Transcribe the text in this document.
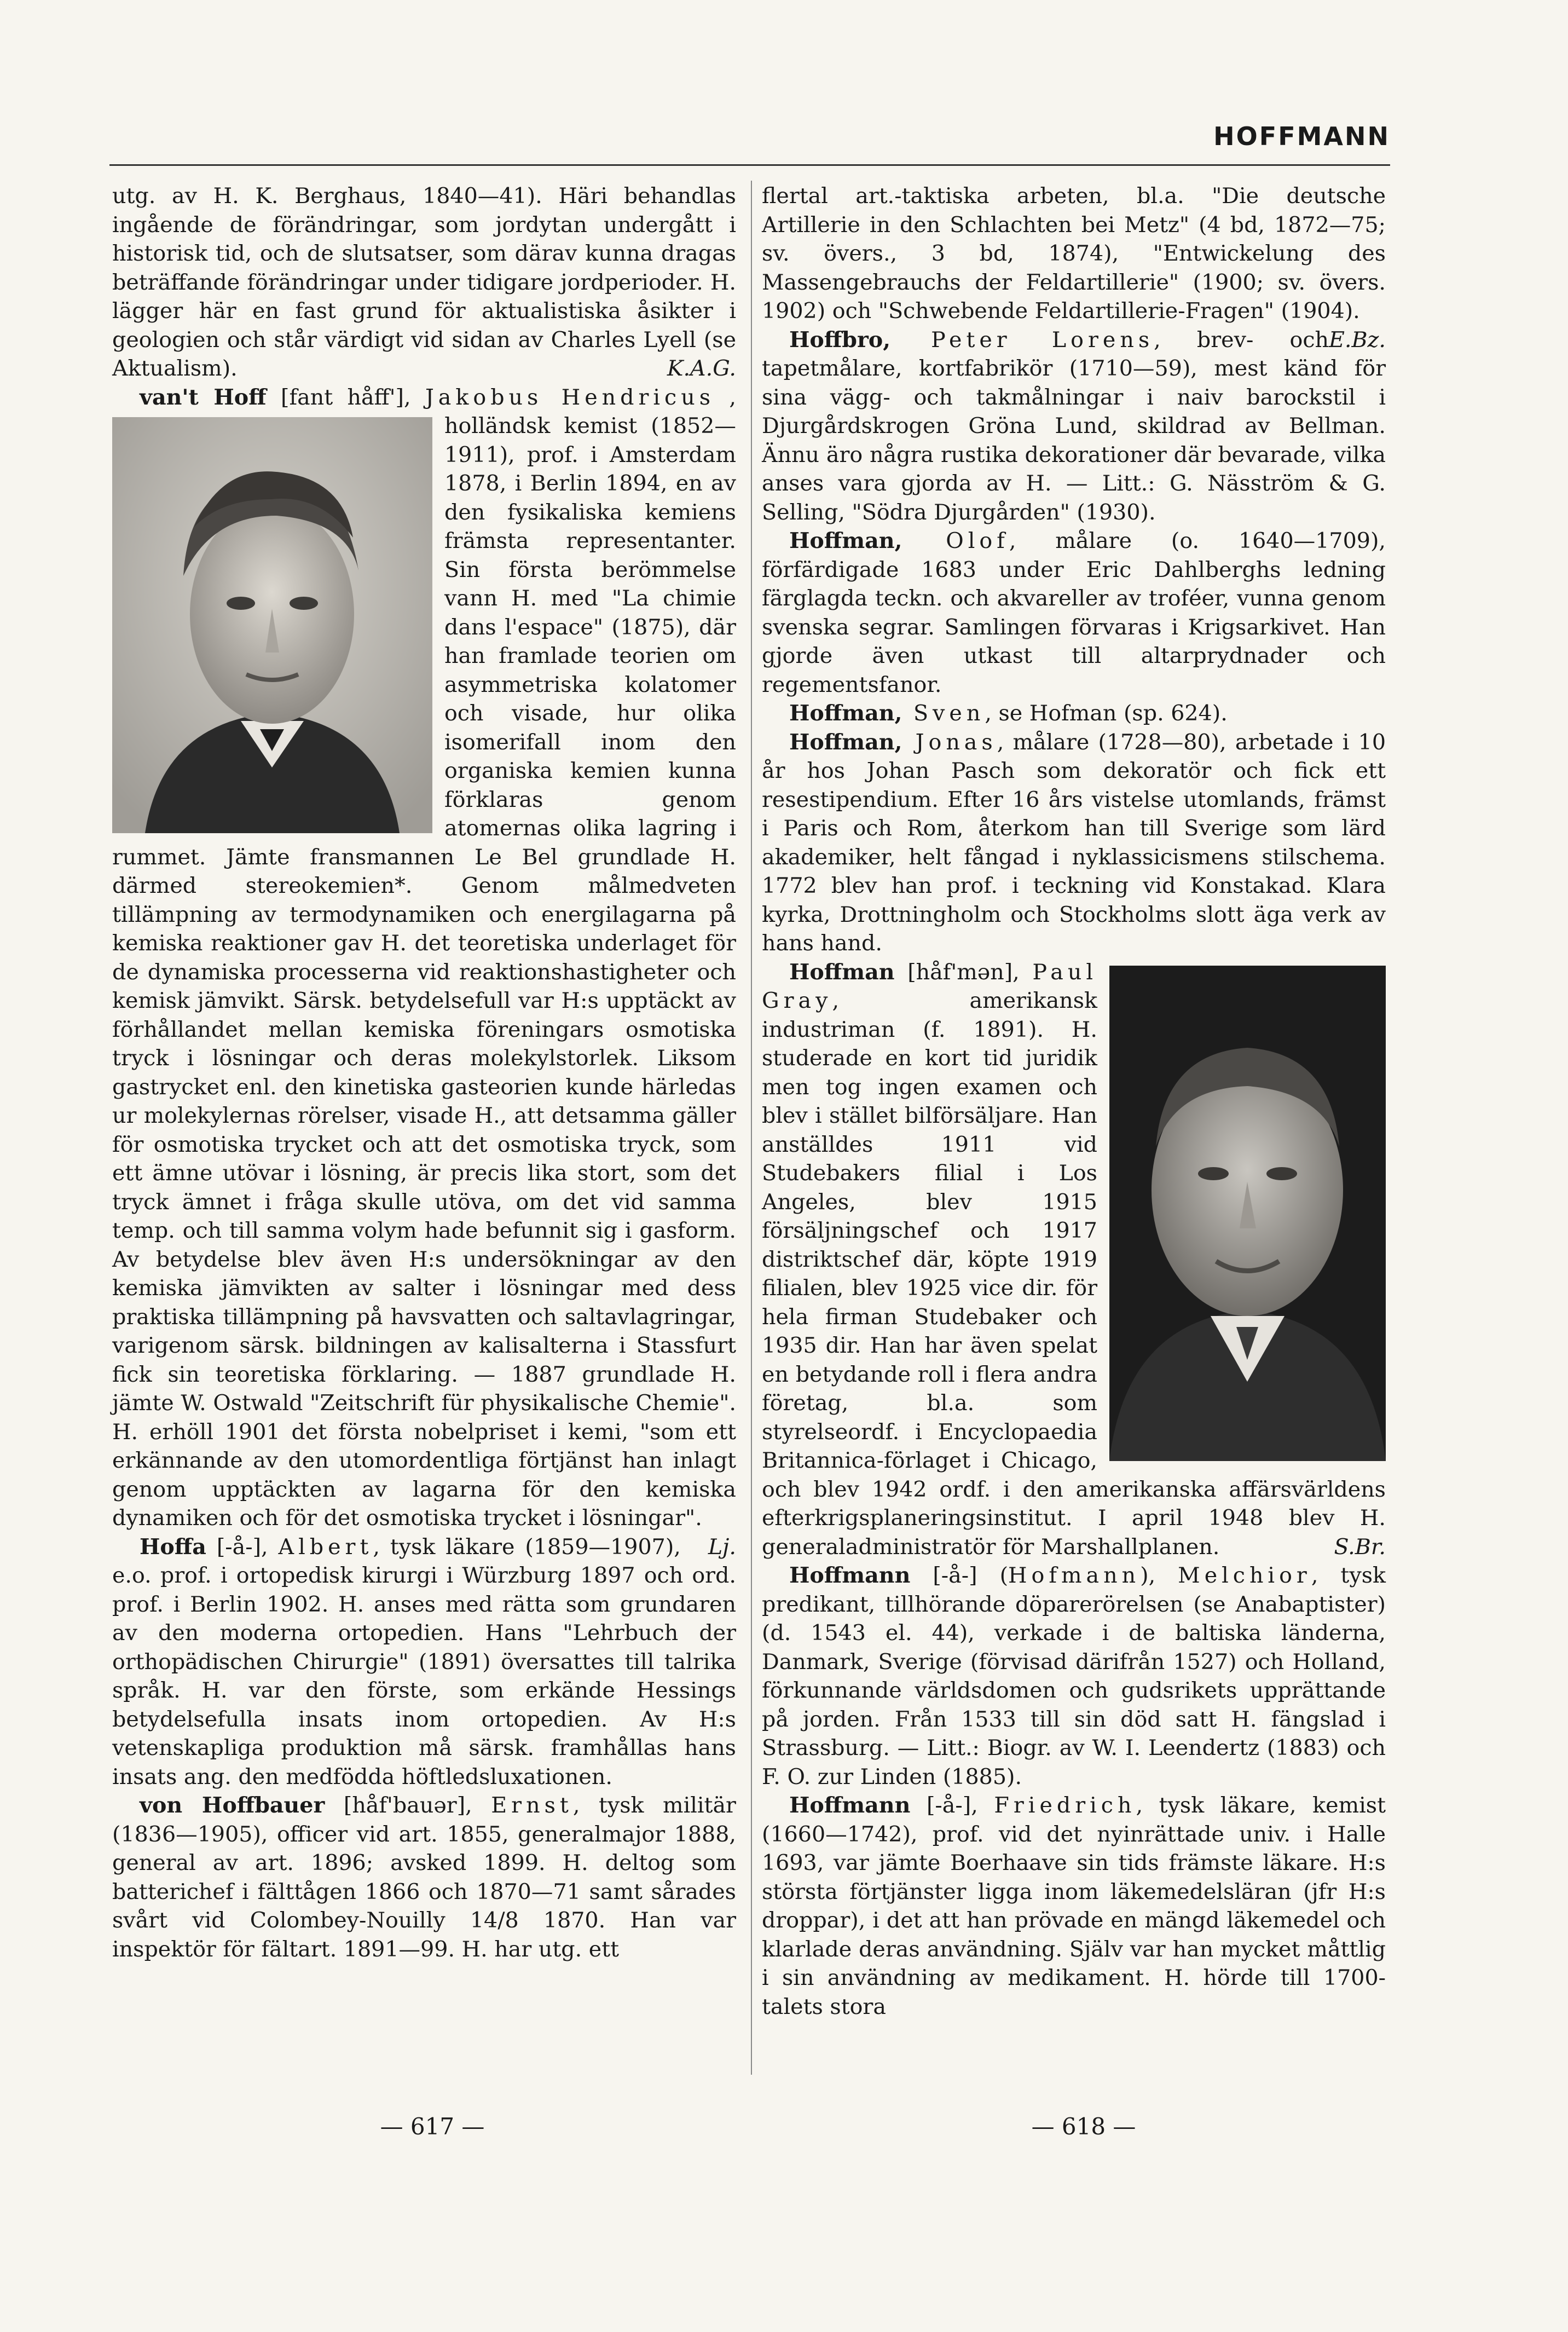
HOFFMANN

utg. av H. K. Berghaus, 1840—41). Häri behandlas ingående de förändringar, som jordytan undergått i historisk tid, och de slutsatser, som därav kunna dragas beträffande förändringar under tidigare jordperioder. H. lägger här en fast grund för aktualistiska åsikter i geologien och står värdigt vid sidan av Charles Lyell (se Aktualism).	K.A.G.

van't Hoff [fant håff'], Jakobus Hendricus , holländsk kemist (1852—1911), prof. i Amsterdam 1878, i Berlin 1894, en av den fysikaliska kemiens främsta representanter. Sin första berömmelse vann H. med "La chimie dans l'espace" (1875), där han framlade teorien om asymmetriska kolatomer och visade, hur olika isomerifall inom den organiska kemien kunna förklaras genom atomernas olika lagring i rummet. Jämte fransmannen Le Bel grundlade H. därmed stereokemien*. Genom målmedveten tillämpning av termodynamiken och energilagarna på kemiska reaktioner gav H. det teoretiska underlaget för de dynamiska processerna vid reaktionshastigheter och kemisk jämvikt. Särsk. betydelsefull var H:s upptäckt av förhållandet mellan kemiska föreningars osmotiska tryck i lösningar och deras molekylstorlek. Liksom gastrycket enl. den kinetiska gasteorien kunde härledas ur molekylernas rörelser, visade H., att detsamma gäller för osmotiska trycket och att det osmotiska tryck, som ett ämne utövar i lösning, är precis lika stort, som det tryck ämnet i fråga skulle utöva, om det vid samma temp. och till samma volym hade befunnit sig i gasform. Av betydelse blev även H:s undersökningar av den kemiska jämvikten av salter i lösningar med dess praktiska tillämpning på havsvatten och saltavlagringar, varigenom särsk. bildningen av kalisalterna i Stassfurt fick sin teoretiska förklaring. — 1887 grundlade H. jämte W. Ostwald "Zeitschrift für physikalische Chemie". H. erhöll 1901 det första nobelpriset i kemi, "som ett erkännande av den utomordentliga förtjänst han inlagt genom upptäckten av lagarna för den kemiska dynamiken och för det osmotiska trycket i lösningar".
Lj.

Hoffa [-å-], Albert, tysk läkare (1859—1907), e.o. prof. i ortopedisk kirurgi i Würzburg 1897 och ord. prof. i Berlin 1902. H. anses med rätta som grundaren av den moderna ortopedien. Hans "Lehrbuch der orthopädischen Chirurgie" (1891) översattes till talrika språk. H. var den förste, som erkände Hessings betydelsefulla insats inom ortopedien. Av H:s vetenskapliga produktion må särsk. framhållas hans insats ang. den medfödda höftledsluxationen.

von Hoffbauer [håf'bauər], Ernst, tysk militär (1836—1905), officer vid art. 1855, generalmajor 1888, general av art. 1896; avsked 1899. H. deltog som batterichef i fälttågen 1866 och 1870—71 samt sårades svårt vid Colombey-Nouilly 14/8 1870. Han var inspektör för fältart. 1891—99. H. har utg. ett

flertal art.-taktiska arbeten, bl.a. "Die deutsche Artillerie in den Schlachten bei Metz" (4 bd, 1872—75; sv. övers., 3 bd, 1874), "Entwickelung des Massengebrauchs der Feldartillerie" (1900; sv. övers. 1902) och "Schwebende Feldartillerie-Fragen" (1904).
E.Bz.

Hoffbro, Peter Lorens, brev- och tapetmålare, kortfabrikör (1710—59), mest känd för sina vägg- och takmålningar i naiv barockstil i Djurgårdskrogen Gröna Lund, skildrad av Bellman. Ännu äro några rustika dekorationer där bevarade, vilka anses vara gjorda av H. — Litt.: G. Näsström & G. Selling, "Södra Djurgården" (1930).

Hoffman, Olof, målare (o. 1640—1709), förfärdigade 1683 under Eric Dahlberghs ledning färglagda teckn. och akvareller av troféer, vunna genom svenska segrar. Samlingen förvaras i Krigsarkivet. Han gjorde även utkast till altarprydnader och regementsfanor.

Hoffman, Sven, se Hofman (sp. 624).

Hoffman, Jonas, målare (1728—80), arbetade i 10 år hos Johan Pasch som dekoratör och fick ett resestipendium. Efter 16 års vistelse utomlands, främst i Paris och Rom, återkom han till Sverige som lärd akademiker, helt fångad i nyklassicismens stilschema. 1772 blev han prof. i teckning vid Konstakad. Klara kyrka, Drottningholm och Stockholms slott äga verk av hans hand.

Hoffman [håf'mən], Paul Gray, amerikansk industriman (f. 1891). H. studerade en kort tid juridik men tog ingen examen och blev i stället bilförsäljare. Han anställdes 1911 vid Studebakers filial i Los Angeles, blev 1915 försäljningschef och 1917 distriktschef där, köpte 1919 filialen, blev 1925 vice dir. för hela firman Studebaker och 1935 dir. Han har även spelat en betydande roll i flera andra företag, bl.a. som styrelseordf. i Encyclopaedia Britannica-förlaget i Chicago, och blev 1942 ordf. i den amerikanska affärsvärldens efterkrigsplaneringsinstitut. I april 1948 blev H. generaladministratör för Marshallplanen.	S.Br.

Hoffmann [-å-] (Hofmann), Melchior, tysk predikant, tillhörande döparerörelsen (se Anabaptister) (d. 1543 el. 44), verkade i de baltiska länderna, Danmark, Sverige (förvisad därifrån 1527) och Holland, förkunnande världsdomen och gudsrikets upprättande på jorden. Från 1533 till sin död satt H. fängslad i Strassburg. — Litt.: Biogr. av W. I. Leendertz (1883) och F. O. zur Linden (1885).

Hoffmann [-å-], Friedrich, tysk läkare, kemist (1660—1742), prof. vid det nyinrättade univ. i Halle 1693, var jämte Boerhaave sin tids främste läkare. H:s största förtjänster ligga inom läkemedelsläran (jfr H:s droppar), i det att han prövade en mängd läkemedel och klarlade deras användning. Själv var han mycket måttlig i sin användning av medikament. H. hörde till 1700-talets stora

— 617 —	— 618 —
